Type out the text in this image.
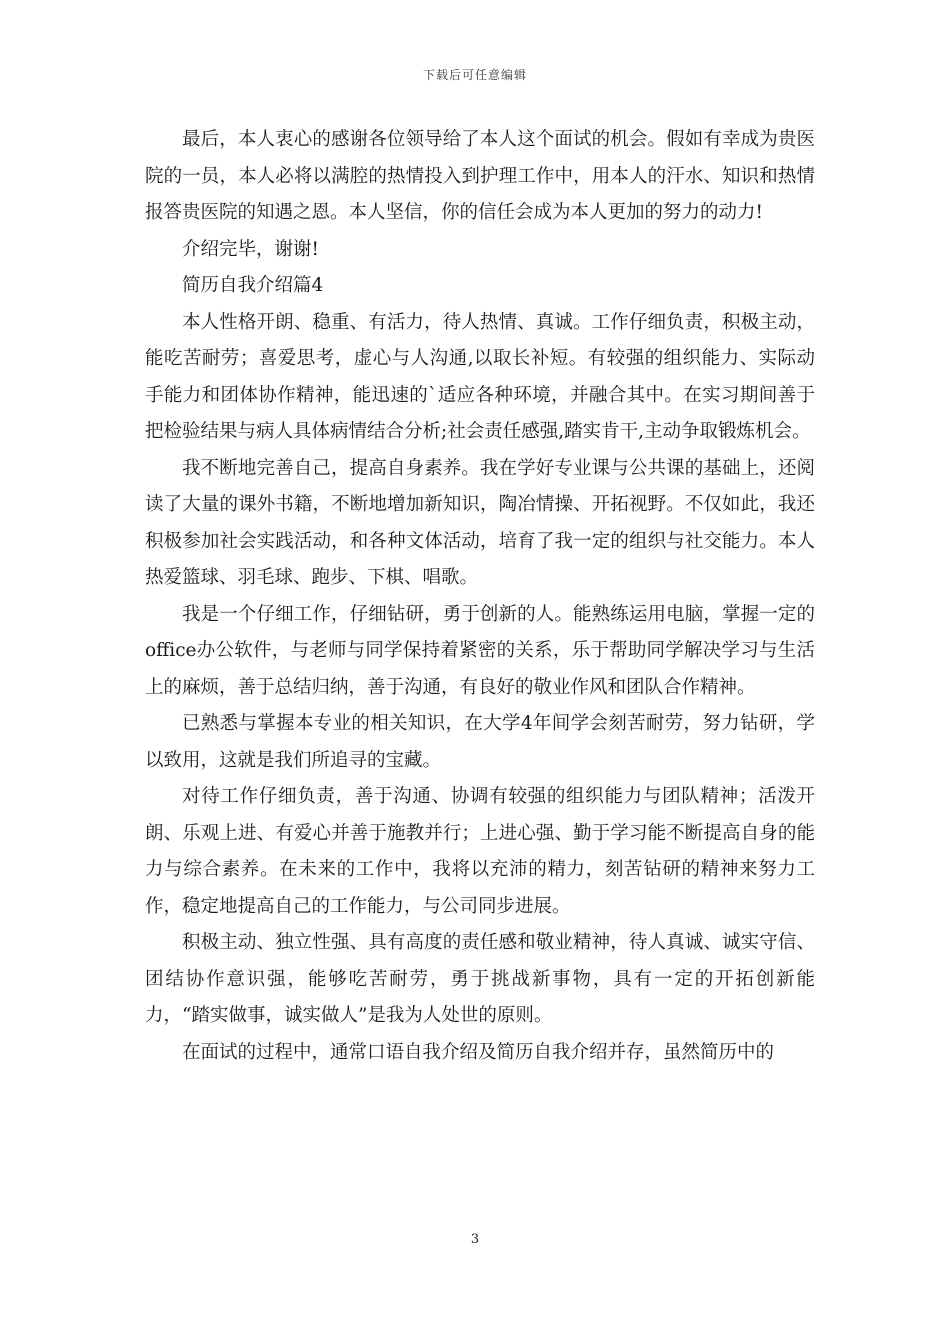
下载后可任意编辑

最后，本人衷心的感谢各位领导给了本人这个面试的机会。假如有幸成为贵医院的一员，本人必将以满腔的热情投入到护理工作中，用本人的汗水、知识和热情报答贵医院的知遇之恩。本人坚信，你的信任会成为本人更加的努力的动力!

介绍完毕，谢谢!

简历自我介绍篇4

本人性格开朗、稳重、有活力，待人热情、真诚。工作仔细负责，积极主动，能吃苦耐劳；喜爱思考，虚心与人沟通,以取长补短。有较强的组织能力、实际动手能力和团体协作精神，能迅速的`适应各种环境，并融合其中。在实习期间善于把检验结果与病人具体病情结合分析;社会责任感强,踏实肯干,主动争取锻炼机会。

我不断地完善自己，提高自身素养。我在学好专业课与公共课的基础上，还阅读了大量的课外书籍，不断地增加新知识，陶冶情操、开拓视野。不仅如此，我还积极参加社会实践活动，和各种文体活动，培育了我一定的组织与社交能力。本人热爱篮球、羽毛球、跑步、下棋、唱歌。

我是一个仔细工作，仔细钻研，勇于创新的人。能熟练运用电脑，掌握一定的office办公软件，与老师与同学保持着紧密的关系，乐于帮助同学解决学习与生活上的麻烦，善于总结归纳，善于沟通，有良好的敬业作风和团队合作精神。

已熟悉与掌握本专业的相关知识，在大学4年间学会刻苦耐劳，努力钻研，学以致用，这就是我们所追寻的宝藏。

对待工作仔细负责，善于沟通、协调有较强的组织能力与团队精神；活泼开朗、乐观上进、有爱心并善于施教并行；上进心强、勤于学习能不断提高自身的能力与综合素养。在未来的工作中，我将以充沛的精力，刻苦钻研的精神来努力工作，稳定地提高自己的工作能力，与公司同步进展。

积极主动、独立性强、具有高度的责任感和敬业精神，待人真诚、诚实守信、团结协作意识强，能够吃苦耐劳，勇于挑战新事物，具有一定的开拓创新能力，“踏实做事，诚实做人”是我为人处世的原则。

在面试的过程中，通常口语自我介绍及简历自我介绍并存，虽然简历中的

3
